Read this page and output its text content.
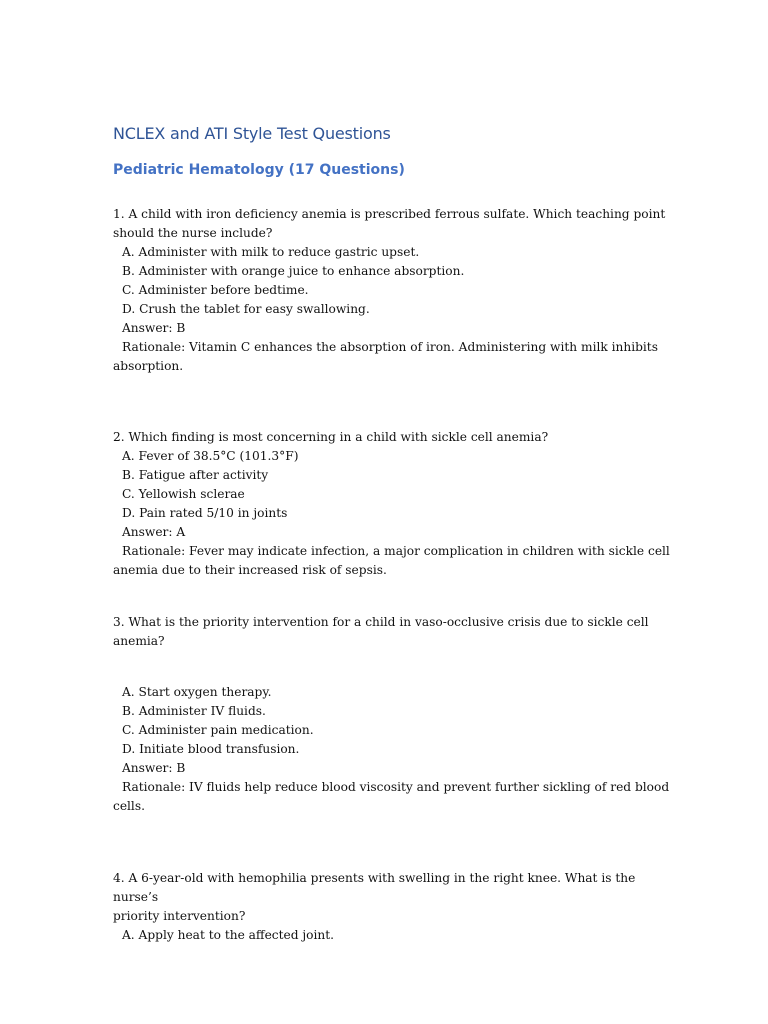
NCLEX and ATI Style Test Questions
Pediatric Hematology (17 Questions)

1. A child with iron deficiency anemia is prescribed ferrous sulfate. Which teaching point

should the nurse include?

A. Administer with milk to reduce gastric upset.

B. Administer with orange juice to enhance absorption.

C. Administer before bedtime.

D. Crush the tablet for easy swallowing.

Answer: B

Rationale: Vitamin C enhances the absorption of iron. Administering with milk inhibits

absorption.

2. Which finding is most concerning in a child with sickle cell anemia?

A. Fever of 38.5°C (101.3°F)

B. Fatigue after activity

C. Yellowish sclerae

D. Pain rated 5/10 in joints

Answer: A

Rationale: Fever may indicate infection, a major complication in children with sickle cell

anemia due to their increased risk of sepsis.

3. What is the priority intervention for a child in vaso-occlusive crisis due to sickle cell

anemia?

A. Start oxygen therapy.

B. Administer IV fluids.

C. Administer pain medication.

D. Initiate blood transfusion.

Answer: B

Rationale: IV fluids help reduce blood viscosity and prevent further sickling of red blood

cells.

4. A 6-year-old with hemophilia presents with swelling in the right knee. What is the nurse’s

priority intervention?

A. Apply heat to the affected joint.
